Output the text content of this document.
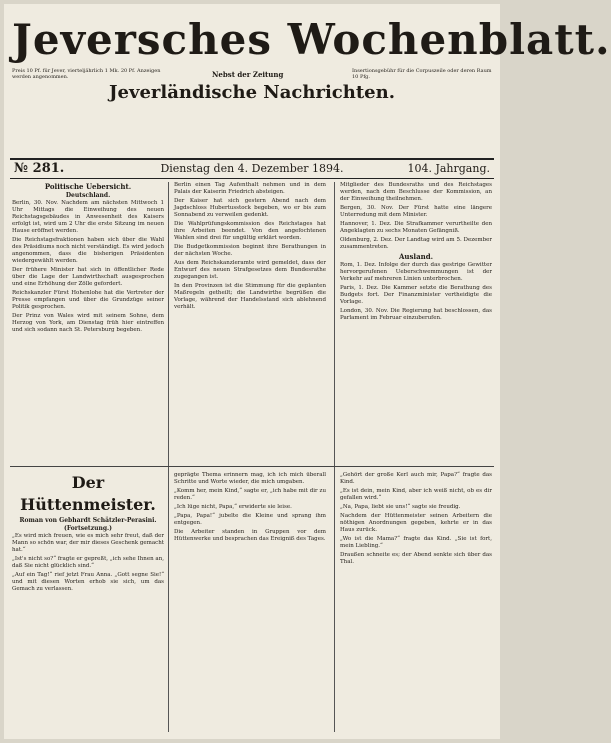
Jeversches Wochenblatt.
Preis 10 Pf. für Jever, vierteljährlich 1 Mk. 20 Pf. Anzeigen werden angenommen.	Nebst der Zeitung	Insertionsgebühr für die Corpuszeile oder deren Raum 10 Pfg.
Jeverländische Nachrichten.
Dienstag den 4. Dezember 1894.
№ 281.	104. Jahrgang.
Politische Uebersicht.
Deutschland.

Berlin, 30. Nov. Nachdem am nächsten Mittwoch 1 Uhr Mittags die Einweihung des neuen Reichstagsgebäudes in Anwesenheit des Kaisers erfolgt ist, wird um 2 Uhr die erste Sitzung im neuen Hause eröffnet werden.

Die Reichstagsfraktionen haben sich über die Wahl des Präsidiums noch nicht verständigt. Es wird jedoch angenommen, dass die bisherigen Präsidenten wiedergewählt werden.

Der frühere Minister hat sich in öffentlicher Rede über die Lage der Landwirthschaft ausgesprochen und eine Erhöhung der Zölle gefordert.

Reichskanzler Fürst Hohenlohe hat die Vertreter der Presse empfangen und über die Grundzüge seiner Politik gesprochen.

Der Prinz von Wales wird mit seinem Sohne, dem Herzog von York, am Dienstag früh hier eintreffen und sich sodann nach St. Petersburg begeben.

Berlin einen Tag Aufenthalt nehmen und in dem Palais der Kaiserin Friedrich absteigen.

Der Kaiser hat sich gestern Abend nach dem Jagdschloss Hubertusstock begeben, wo er bis zum Sonnabend zu verweilen gedenkt.

Die Wahlprüfungskommission des Reichstages hat ihre Arbeiten beendet. Von den angefochtenen Wahlen sind drei für ungültig erklärt worden.

Die Budgetkommission beginnt ihre Berathungen in der nächsten Woche.

Aus dem Reichskanzleramte wird gemeldet, dass der Entwurf des neuen Strafgesetzes dem Bundesrathe zugegangen ist.

In den Provinzen ist die Stimmung für die geplanten Maßregeln getheilt; die Landwirthe begrüßen die Vorlage, während der Handelsstand sich ablehnend verhält.

Mitglieder des Bundesraths und des Reichstages werden, nach dem Beschlusse der Kommission, an der Einweihung theilnehmen.

Bergen, 30. Nov. Der Fürst hatte eine längere Unterredung mit dem Minister.

Hannover, 1. Dez. Die Strafkammer verurtheilte den Angeklagten zu sechs Monaten Gefängniß.

Oldenburg, 2. Dez. Der Landtag wird am 5. Dezember zusammentreten.

Ausland.

Rom, 1. Dez. Infolge der durch das gestrige Gewitter hervorgerufenen Ueberschwemmungen ist der Verkehr auf mehreren Linien unterbrochen.

Paris, 1. Dez. Die Kammer setzte die Berathung des Budgets fort. Der Finanzminister vertheidigte die Vorlage.

London, 30. Nov. Die Regierung hat beschlossen, das Parlament im Februar einzuberufen.

Der Hüttenmeister.
Roman von Gebhardt Schätzler-Perasini.
(Fortsetzung.)

„Es wird mich freuen, wie es mich sehr freut, daß der Mann so schön war, der mir dieses Geschenk gemacht hat.“

„Ist's nicht so?“ fragte er gepreßt, „ich sehe Ihnen an, daß Sie nicht glücklich sind.“

„Auf ein Tag!“ rief jetzt Frau Anna. „Gott segne Sie!“ und mit diesen Worten erhob sie sich, um das Gemach zu verlassen.

geprägte Thema erinnern mag, ich ich mich überall Schritte und Worte wieder, die mich umgaben.

„Komm her, mein Kind,“ sagte er, „ich habe mit dir zu reden.“

„Ich lüge nicht, Papa,“ erwiderte sie leise.

„Papa, Papa!“ jubelte die Kleine und sprang ihm entgegen.

Die Arbeiter standen in Gruppen vor dem Hüttenwerke und besprachen das Ereigniß des Tages.

„Gehört der große Kerl auch mir, Papa?“ fragte das Kind.

„Es ist dein, mein Kind, aber ich weiß nicht, ob es dir gefallen wird.“

„Na, Papa, liebt sie uns!“ sagte sie freudig.

Nachdem der Hüttenmeister seinen Arbeitern die nöthigen Anordnungen gegeben, kehrte er in das Haus zurück.

„Wo ist die Mama?“ fragte das Kind. „Sie ist fort, mein Liebling.“

Draußen schneite es; der Abend senkte sich über das Thal.
